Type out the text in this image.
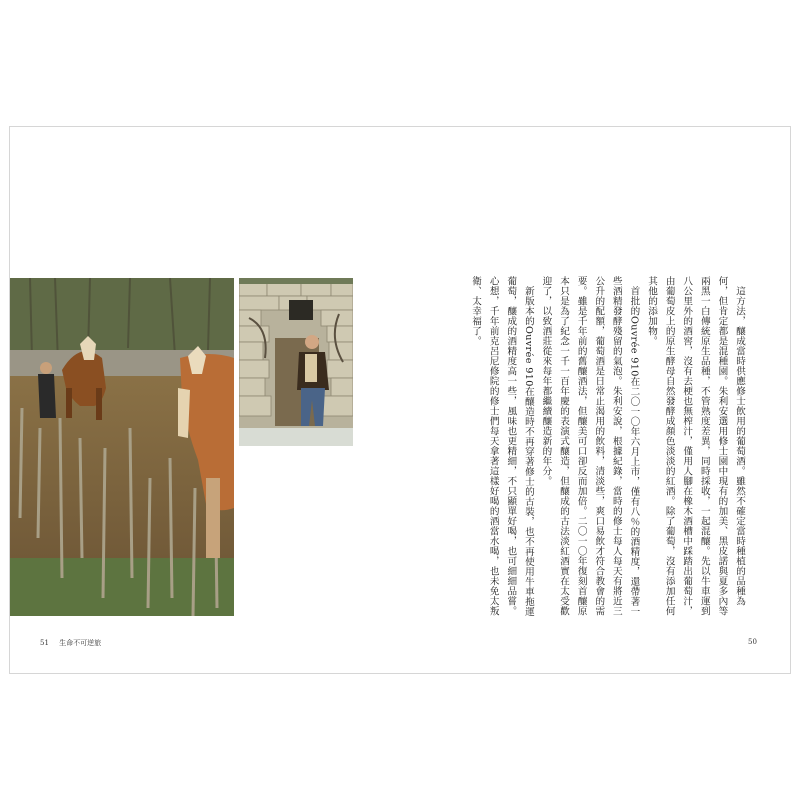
這方法，釀成當時供應修士飲用的葡萄酒。雖然不確定當時種植的品種為何，但肯定都是混種園。朱利安選用修士園中現有的加美、黑皮諾與夏多內等兩黑一白傳統原生品種，不管熟度差異，同時採收，一起混釀。先以牛車運到八公里外的酒窖，沒有去梗也無榨汁，僅用人腳在橡木酒槽中踩踏出葡萄汁，由葡萄皮上的原生酵母自然發酵成顏色淡淡的紅酒。除了葡萄，沒有添加任何其他的添加物。

首批的Ouvrée 910在二〇一〇年六月上市，僅有八％的酒精度，還帶著一些酒精發酵殘留的氣泡。朱利安說，根據紀錄，當時的修士每人每天有將近三公升的配額，葡萄酒是日常止渴用的飲料，清淡些，爽口易飲才符合教會的需要。雖是千年前的舊釀酒法，但釀美可口卻反而加倍。二〇一〇年復刻首釀原本只是為了紀念一千一百年慶的表演式釀造，但釀成的古法淡紅酒實在太受歡迎了，以致酒莊從來每年都繼續釀造新的年分。

新版本的Ouvrée 910在釀造時不再穿著修士的古裝，也不再使用牛車拖運葡萄，釀成的酒精度高一些，風味也更精細，不只顯單好喝，也可細細品嘗。心想，千年前克呂尼修院的修士們每天拿著這樣好喝的酒當水喝，也未免太叛衛、太幸福了。

51 生命不可逆旅	50
